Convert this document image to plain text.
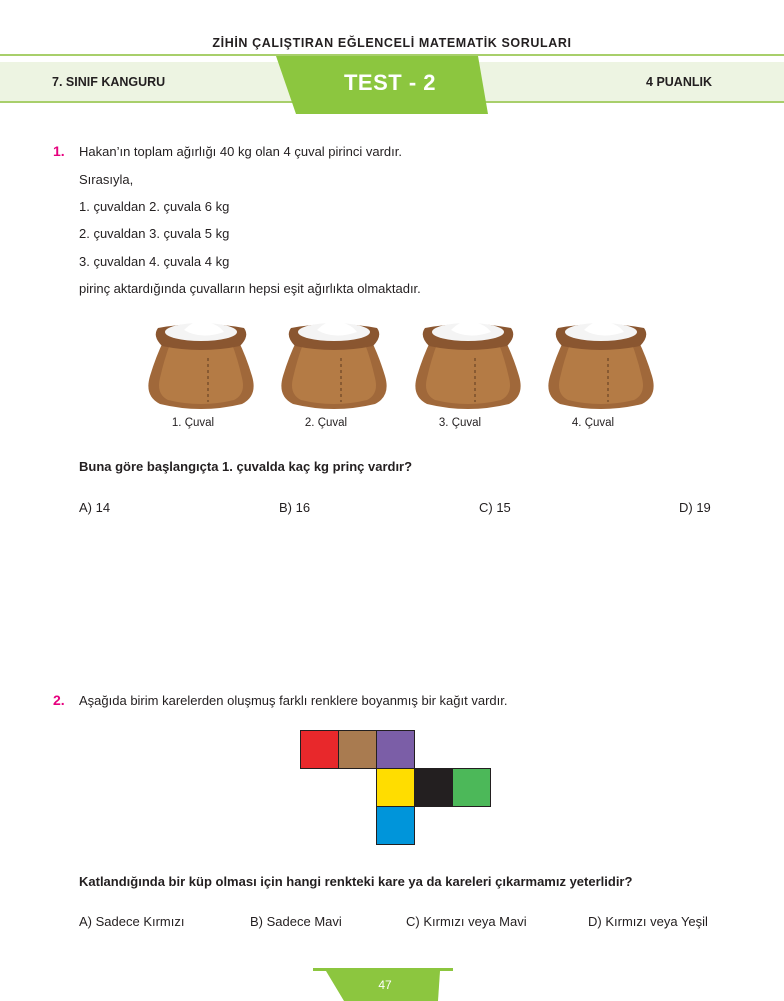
ZİHİN ÇALIŞTIRAN EĞLENCELİ MATEMATİK SORULARI
7. SINIF KANGURU	TEST - 2	4 PUANLIK
1. Hakan’ın toplam ağırlığı 40 kg olan 4 çuval pirinci vardır.
Sırasıyla,
1. çuvaldan 2. çuvala 6 kg
2. çuvaldan 3. çuvala 5 kg
3. çuvaldan 4. çuvala 4 kg
pirinç aktardığında çuvalların hepsi eşit ağırlıkta olmaktadır.
1. Çuval	2. Çuval	3. Çuval	4. Çuval
Buna göre başlangıçta 1. çuvalda kaç kg prinç vardır?
A) 14	B) 16	C) 15	D) 19
2. Aşağıda birim karelerden oluşmuş farklı renklere boyanmış bir kağıt vardır.
Katlandığında bir küp olması için hangi renkteki kare ya da kareleri çıkarmamız yeterlidir?
A) Sadece Kırmızı	B) Sadece Mavi	C) Kırmızı veya Mavi	D) Kırmızı veya Yeşil
47
